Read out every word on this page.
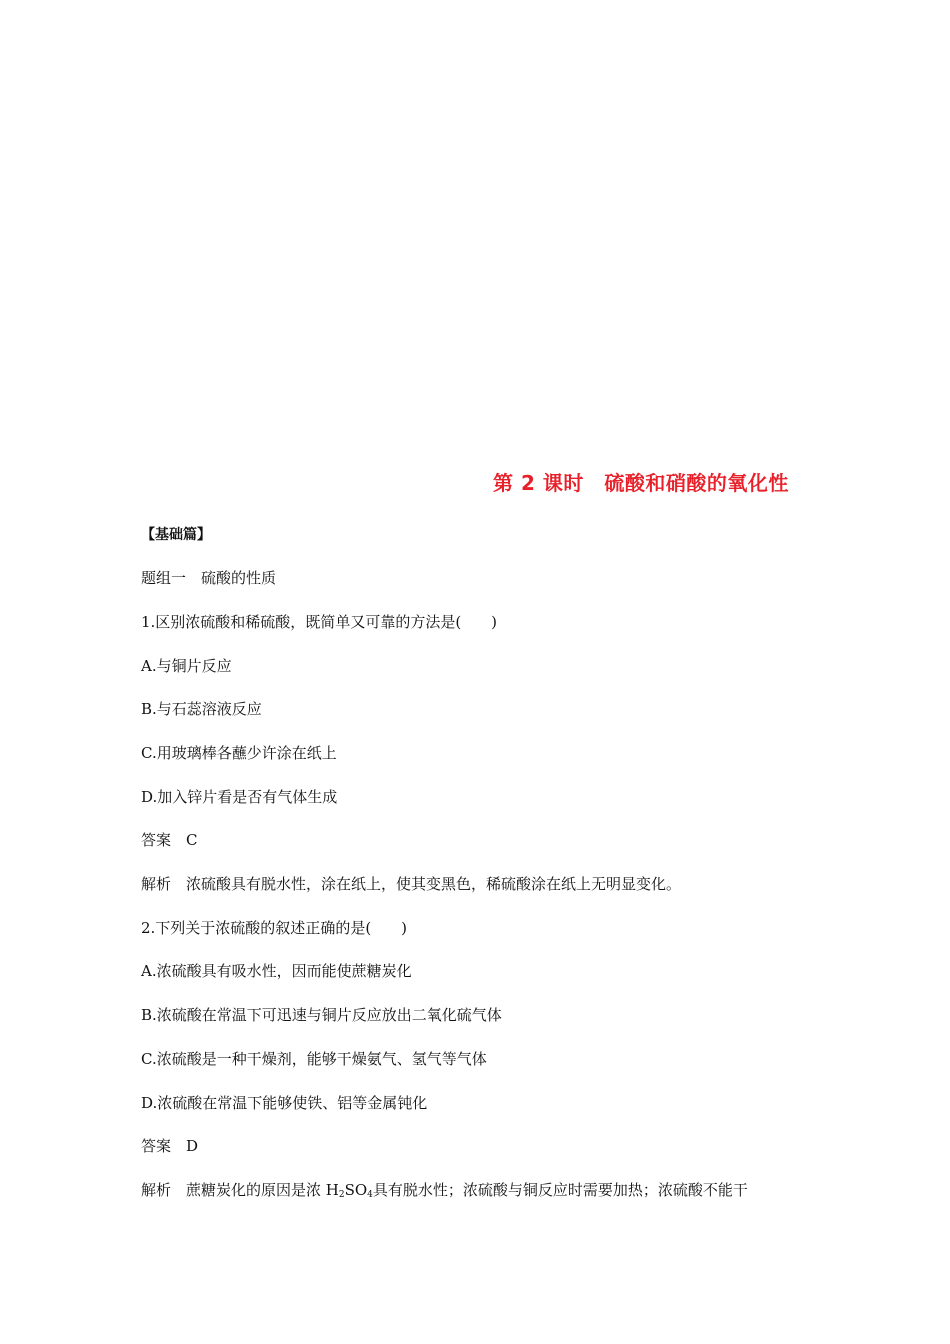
第 2 课时　硫酸和硝酸的氧化性
【基础篇】
题组一　硫酸的性质
1.区别浓硫酸和稀硫酸，既简单又可靠的方法是(　　)
A.与铜片反应
B.与石蕊溶液反应
C.用玻璃棒各蘸少许涂在纸上
D.加入锌片看是否有气体生成
答案　C
解析　浓硫酸具有脱水性，涂在纸上，使其变黑色，稀硫酸涂在纸上无明显变化。
2.下列关于浓硫酸的叙述正确的是(　　)
A.浓硫酸具有吸水性，因而能使蔗糖炭化
B.浓硫酸在常温下可迅速与铜片反应放出二氧化硫气体
C.浓硫酸是一种干燥剂，能够干燥氨气、氢气等气体
D.浓硫酸在常温下能够使铁、铝等金属钝化
答案　D
解析　蔗糖炭化的原因是浓 $H_2SO_4$具有脱水性；浓硫酸与铜反应时需要加热；浓硫酸不能干
